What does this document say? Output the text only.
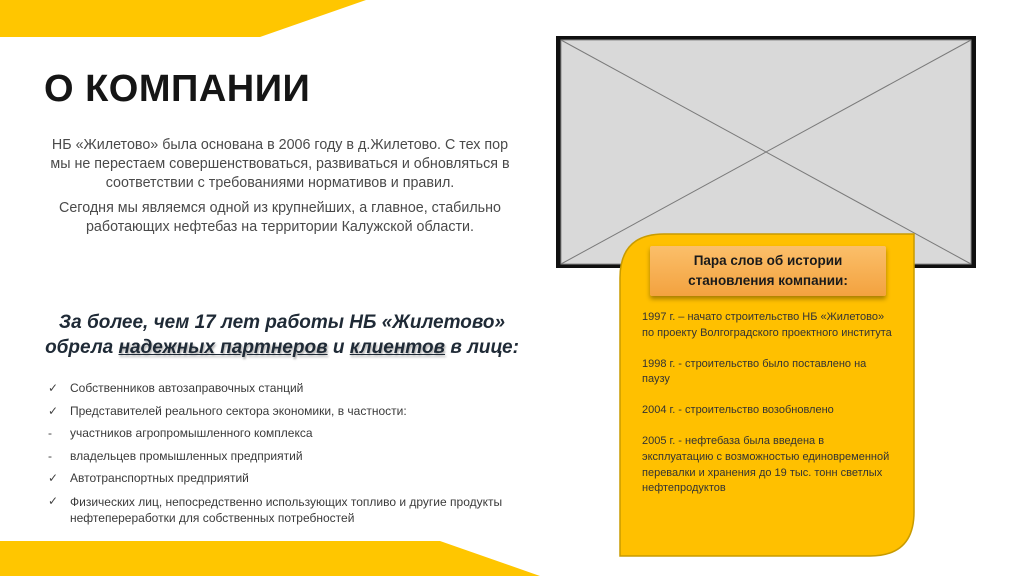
О КОМПАНИИ

НБ «Жилетово» была основана в 2006 году в д.Жилетово. С тех пор мы не перестаем совершенствоваться, развиваться и обновляться в соответствии с требованиями нормативов и правил.

Сегодня мы являемся одной из крупнейших, а главное, стабильно работающих нефтебаз на территории Калужской области.

За более, чем 17 лет работы НБ «Жилетово»
обрела надежных партнеров и клиентов в лице:
✓ Собственников автозаправочных станций
✓ Представителей реального сектора экономики, в частности:
-	участников агропромышленного комплекса
-	владельцев промышленных предприятий
✓ Автотранспортных предприятий
✓ Физических лиц, непосредственно использующих топливо и другие продукты нефтепереработки для собственных потребностей
Пара слов об истории
становления компании:

1997 г. – начато строительство НБ «Жилетово» по проекту Волгоградского проектного института

1998 г. - строительство было поставлено на паузу

2004 г. - строительство возобновлено

2005 г. - нефтебаза была введена в эксплуатацию с возможностью единовременной перевалки и хранения до 19 тыс. тонн светлых нефтепродуктов
